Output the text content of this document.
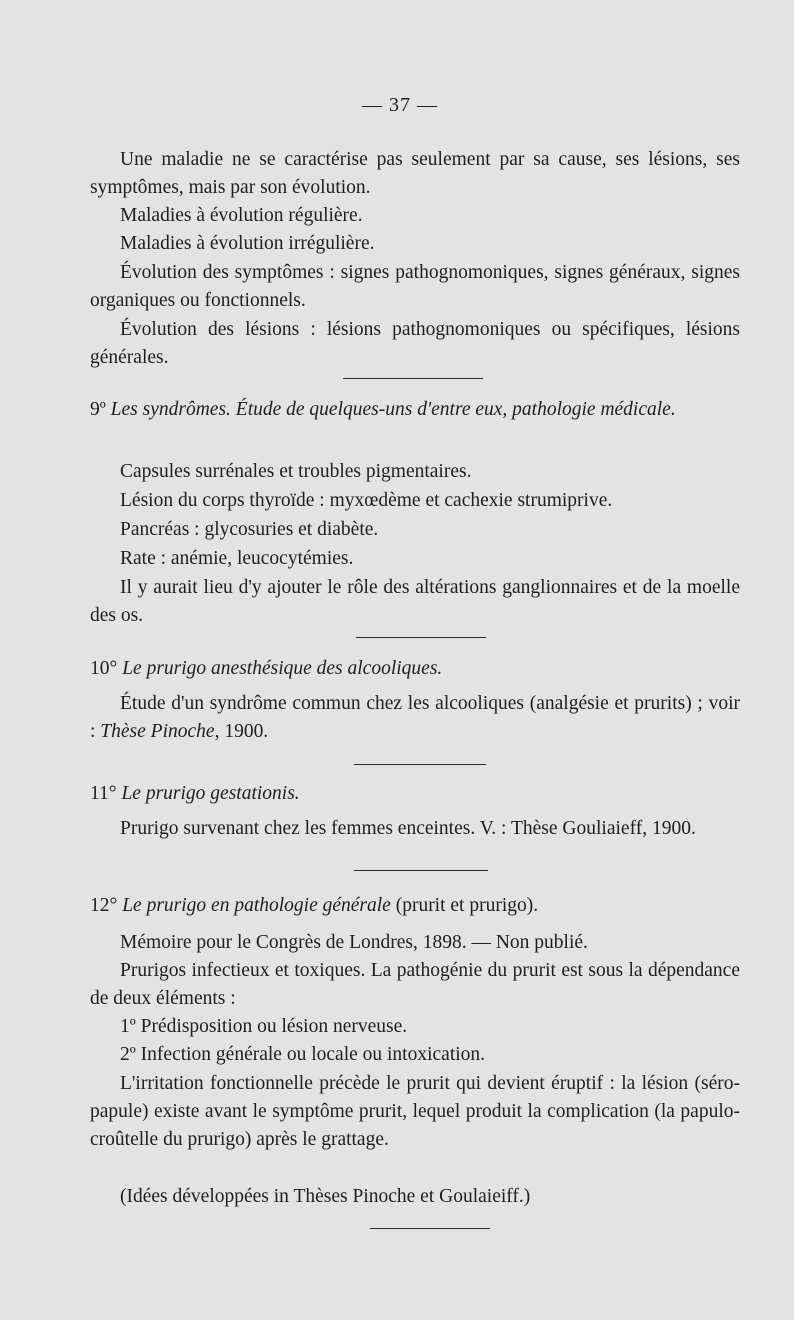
— 37 —

Une maladie ne se caractérise pas seulement par sa cause, ses lésions, ses symptômes, mais par son évolution.

Maladies à évolution régulière.

Maladies à évolution irrégulière.

Évolution des symptômes : signes pathognomoniques, signes généraux, signes organiques ou fonctionnels.

Évolution des lésions : lésions pathognomoniques ou spécifiques, lésions générales.

9º Les syndrômes. Étude de quelques-uns d'entre eux, pathologie médicale.

Capsules surrénales et troubles pigmentaires.

Lésion du corps thyroïde : myxœdème et cachexie strumiprive.

Pancréas : glycosuries et diabète.

Rate : anémie, leucocytémies.

Il y aurait lieu d'y ajouter le rôle des altérations ganglionnaires et de la moelle des os.

10° Le prurigo anesthésique des alcooliques.

Étude d'un syndrôme commun chez les alcooliques (analgésie et prurits) ; voir : Thèse Pinoche, 1900.

11° Le prurigo gestationis.

Prurigo survenant chez les femmes enceintes. V. : Thèse Gouliaieff, 1900.

12° Le prurigo en pathologie générale (prurit et prurigo).

Mémoire pour le Congrès de Londres, 1898. — Non publié.

Prurigos infectieux et toxiques. La pathogénie du prurit est sous la dépendance de deux éléments :

1º Prédisposition ou lésion nerveuse.

2º Infection générale ou locale ou intoxication.

L'irritation fonctionnelle précède le prurit qui devient éruptif : la lésion (séro-papule) existe avant le symptôme prurit, lequel produit la complication (la papulo-croûtelle du prurigo) après le grattage.

(Idées développées in Thèses Pinoche et Goulaieiff.)
